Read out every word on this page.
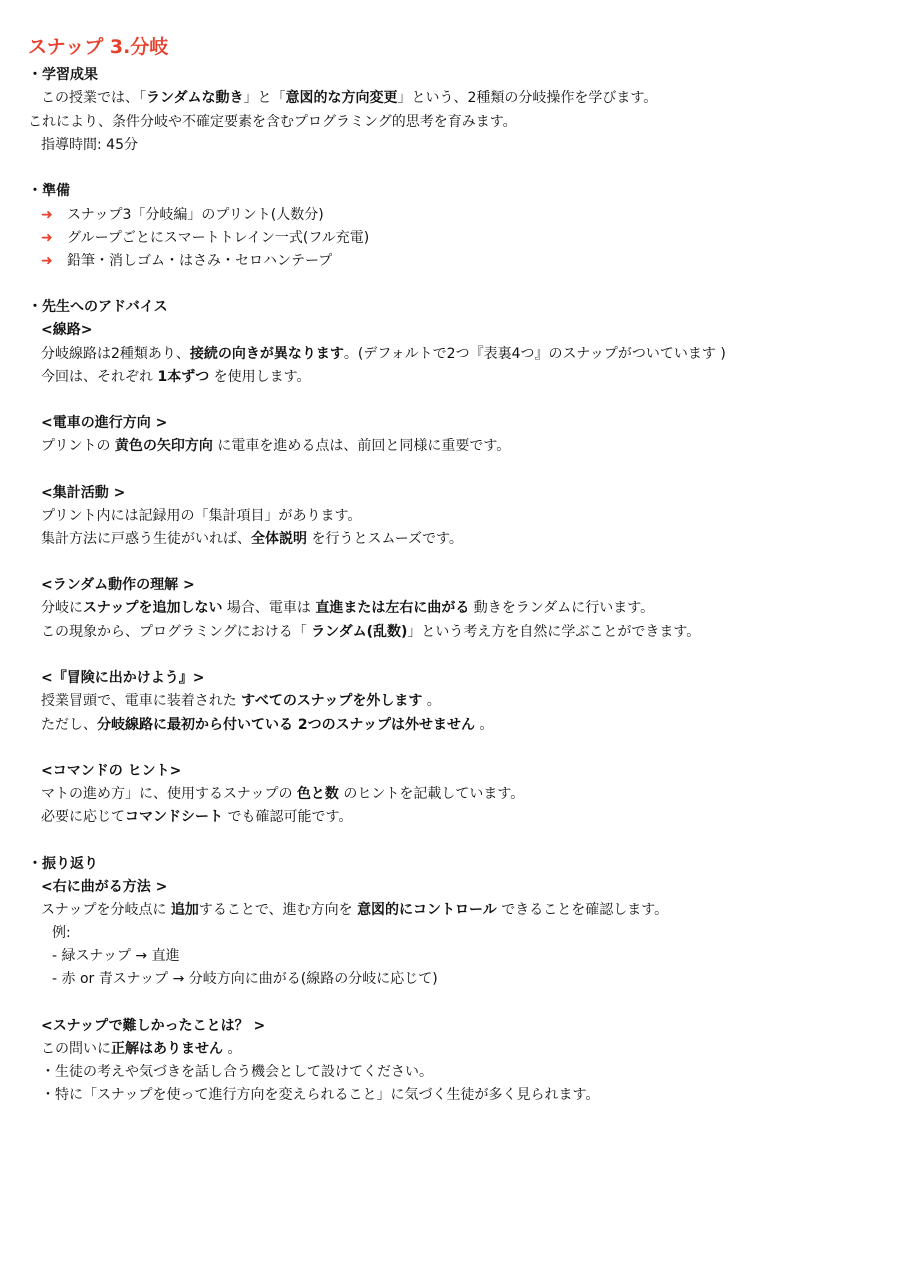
スナップ 3.分岐
・学習成果
この授業では、「ランダムな動き」と「意図的な方向変更」という、2種類の分岐操作を学びます。
これにより、条件分岐や不確定要素を含むプログラミング的思考を育みます。
指導時間: 45分
・準備
➜ スナップ3「分岐編」のプリント(人数分)
➜ グループごとにスマートトレイン一式(フル充電)
➜ 鉛筆・消しゴム・はさみ・セロハンテープ
・先生へのアドバイス
<線路>
分岐線路は2種類あり、接続の向きが異なります。(デフォルトで2つ『表裏4つ』のスナップがついています )
今回は、それぞれ 1本ずつ を使用します。
<電車の進行方向 >
プリントの 黄色の矢印方向 に電車を進める点は、前回と同様に重要です。
<集計活動 >
プリント内には記録用の「集計項目」があります。
集計方法に戸惑う生徒がいれば、全体説明 を行うとスムーズです。
<ランダム動作の理解 >
分岐にスナップを追加しない 場合、電車は 直進または左右に曲がる 動きをランダムに行います。
この現象から、プログラミングにおける「 ランダム(乱数)」という考え方を自然に学ぶことができます。
<『冒険に出かけよう』>
授業冒頭で、電車に装着された すべてのスナップを外します 。
ただし、分岐線路に最初から付いている 2つのスナップは外せません 。
<コマンドの ヒント>
マトの進め方」に、使用するスナップの 色と数 のヒントを記載しています。
必要に応じてコマンドシート でも確認可能です。
・振り返り
<右に曲がる方法 >
スナップを分岐点に 追加することで、進む方向を 意図的にコントロール できることを確認します。
例:
- 緑スナップ → 直進
- 赤 or 青スナップ → 分岐方向に曲がる(線路の分岐に応じて)
<スナップで難しかったことは？ >
この問いに正解はありません 。
・生徒の考えや気づきを話し合う機会として設けてください。
・特に「スナップを使って進行方向を変えられること」に気づく生徒が多く見られます。
